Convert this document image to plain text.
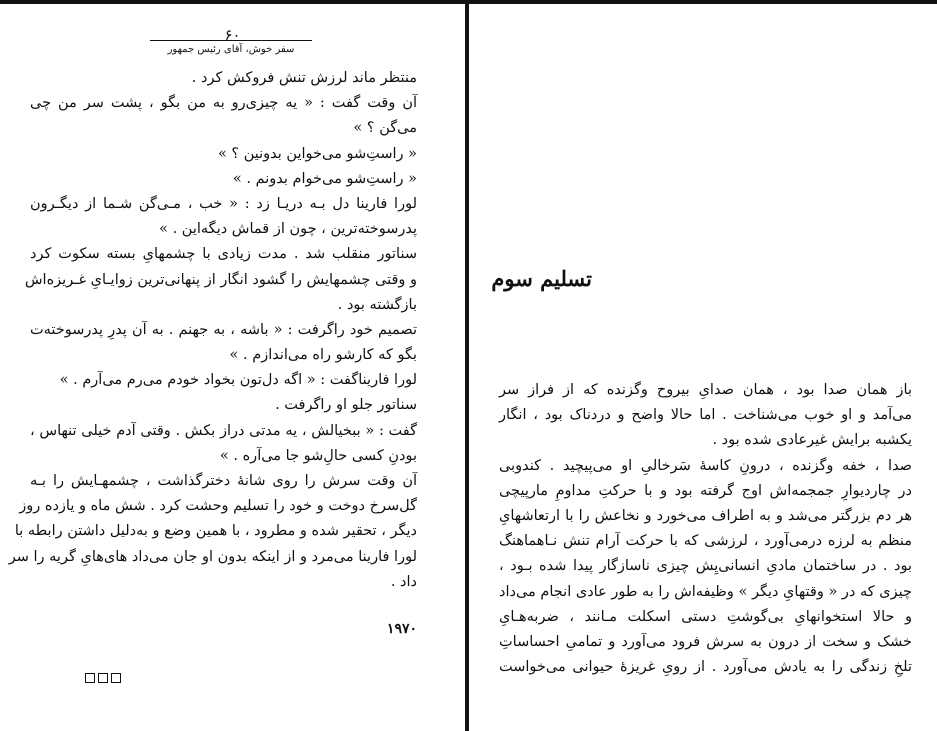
۶۰
سفر خوش، آقای رئیس جمهور
منتظر ماند لرزش تنش فروکش کرد .
آن وقت گفت : « یه چیزی‌رو به من بگو ، پشت سر من چی
می‌گن ؟ »
« راستِ‌شو می‌خواین بدونین ؟ »
« راستِ‌شو می‌خوام بدونم . »
لورا فارینا دل بـه دریـا زد : « خب ، مـی‌گن شـما از دیگـرون
پدرسوخته‌ترین ، چون از قماش دیگه‌این . »
سناتور منقلب شد . مدت زیادی با چشمهایِ بسته سکوت کرد
و وقتی چشمهایش را گشود انگار از پنهانی‌ترین زوایـایِ غـریزه‌اش
بازگشته بود .
تصمیم خود راگرفت : « باشه ، به جهنم . به آن پدرِ پدرسوخته‌ت
بگو که کارشو راه می‌اندازم . »
لورا فاریناگفت : « اگه دل‌تون بخواد خودم می‌رم می‌آرم . »
سناتور جلو او راگرفت .
گفت : « ببخیالش ، یه مدتی دراز بکش . وقتی آدم خیلی تنهاس ،
بودنِ کسی حالِ‌شو جا می‌آره . »
آن وقت سرش را روی شانهٔ دخترگذاشت ، چشمهـایش را بـه
گل‌سرخ دوخت و خود را تسلیم وحشت کرد . شش ماه و یازده روز
دیگر ، تحقیر شده و مطرود ، با همین وضع و به‌دلیل داشتن رابطه با
لورا فارینا می‌مرد و از اینکه بدون او جان می‌داد های‌هایِ گریه را سر
داد .
۱۹۷۰
تسلیم سوم
باز همان صدا بود ، همان صدایِ بیروح وگزنده که از فراز سر
می‌آمد و او خوب می‌شناخت . اما حالا واضح و دردناک بود ، انگار
یکشبه برایش غیرعادی شده بود .
صدا ، خفه وگزنده ، درونِ کاسهٔ سَرخالیِ او می‌پیچید . کندوبی
در چاردیوارِ جمجمه‌اش اوج گرفته بود و با حرکتِ مداومِ مارپیچی
هر دم بزرگتر می‌شد و به اطراف می‌خورد و نخاعش را با ارتعاشهایِ
منظم به لرزه درمی‌آورد ، لرزشی که با حرکت آرام تنش نـاهماهنگ
بود . در ساختمان مادیِ انسانی‌یِش چیزی ناسازگار پیدا شده بـود ،
چیزی که در « وقتهایِ دیگر » وظیفه‌اش را به طور عادی انجام می‌داد
و حالا استخوانهایِ بی‌گوشتِ دستی اسکلت مـانند ، ضربه‌هـایِ
خشک و سخت از درون به سرش فرود می‌آورد و تمامیِ احساساتِ
تلخِ زندگی را به یادش می‌آورد . از رویِ غریزهٔ حیوانی می‌خواست
